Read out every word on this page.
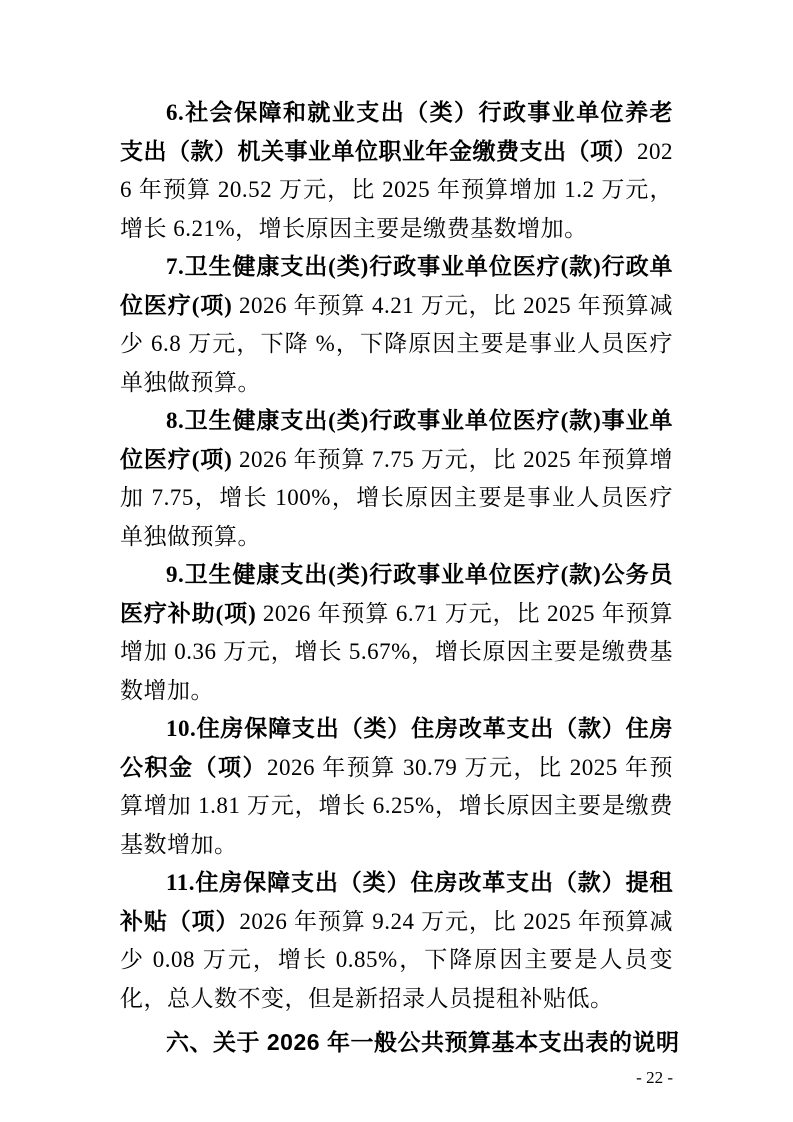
6.社会保障和就业支出（类）行政事业单位养老支出（款）机关事业单位职业年金缴费支出（项）2026 年预算 20.52 万元，比 2025 年预算增加 1.2 万元，增长 6.21%，增长原因主要是缴费基数增加。

7.卫生健康支出(类)行政事业单位医疗(款)行政单位医疗(项) 2026 年预算 4.21 万元，比 2025 年预算减少 6.8 万元，下降 %，下降原因主要是事业人员医疗单独做预算。

8.卫生健康支出(类)行政事业单位医疗(款)事业单位医疗(项) 2026 年预算 7.75 万元，比 2025 年预算增加 7.75，增长 100%，增长原因主要是事业人员医疗单独做预算。

9.卫生健康支出(类)行政事业单位医疗(款)公务员医疗补助(项) 2026 年预算 6.71 万元，比 2025 年预算增加 0.36 万元，增长 5.67%，增长原因主要是缴费基数增加。

10.住房保障支出（类）住房改革支出（款）住房公积金（项）2026 年预算 30.79 万元，比 2025 年预算增加 1.81 万元，增长 6.25%，增长原因主要是缴费基数增加。

11.住房保障支出（类）住房改革支出（款）提租补贴（项）2026 年预算 9.24 万元，比 2025 年预算减少 0.08 万元，增长 0.85%，下降原因主要是人员变化，总人数不变，但是新招录人员提租补贴低。

六、关于 2026 年一般公共预算基本支出表的说明

- 22 -
